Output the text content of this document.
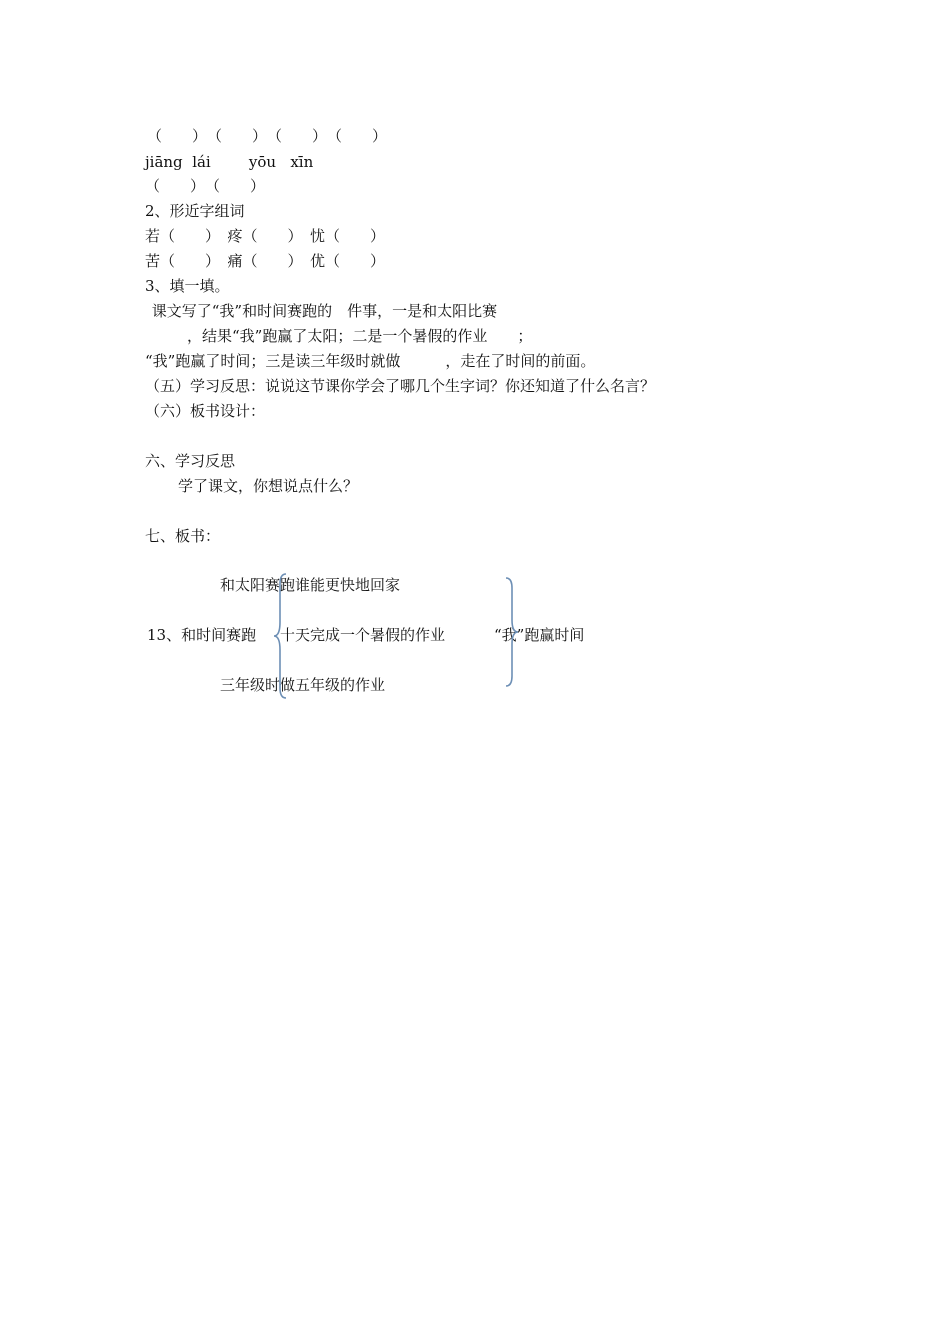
（　　）　（　　）　（　　）　（　　）
jiāng  lái        yōu   xīn
（　　）　（　　）
2、形近字组词
若（　　）　疼（　　）　忧（　　）
苦（　　）　痛（　　）　优（　　）
3、填一填。
课文写了“我”和时间赛跑的　件事，一是和太阳比赛
　　，结果“我”跑赢了太阳；二是一个暑假的作业　　；
“我”跑赢了时间；三是读三年级时就做　　　，走在了时间的前面。
（五）学习反思：说说这节课你学会了哪几个生字词？你还知道了什么名言？
（六）板书设计：
六、学习反思
学了课文，你想说点什么？
七、板书：
和太阳赛跑谁能更快地回家
13、和时间赛跑 十天完成一个暑假的作业	“我”跑赢时间
三年级时做五年级的作业
